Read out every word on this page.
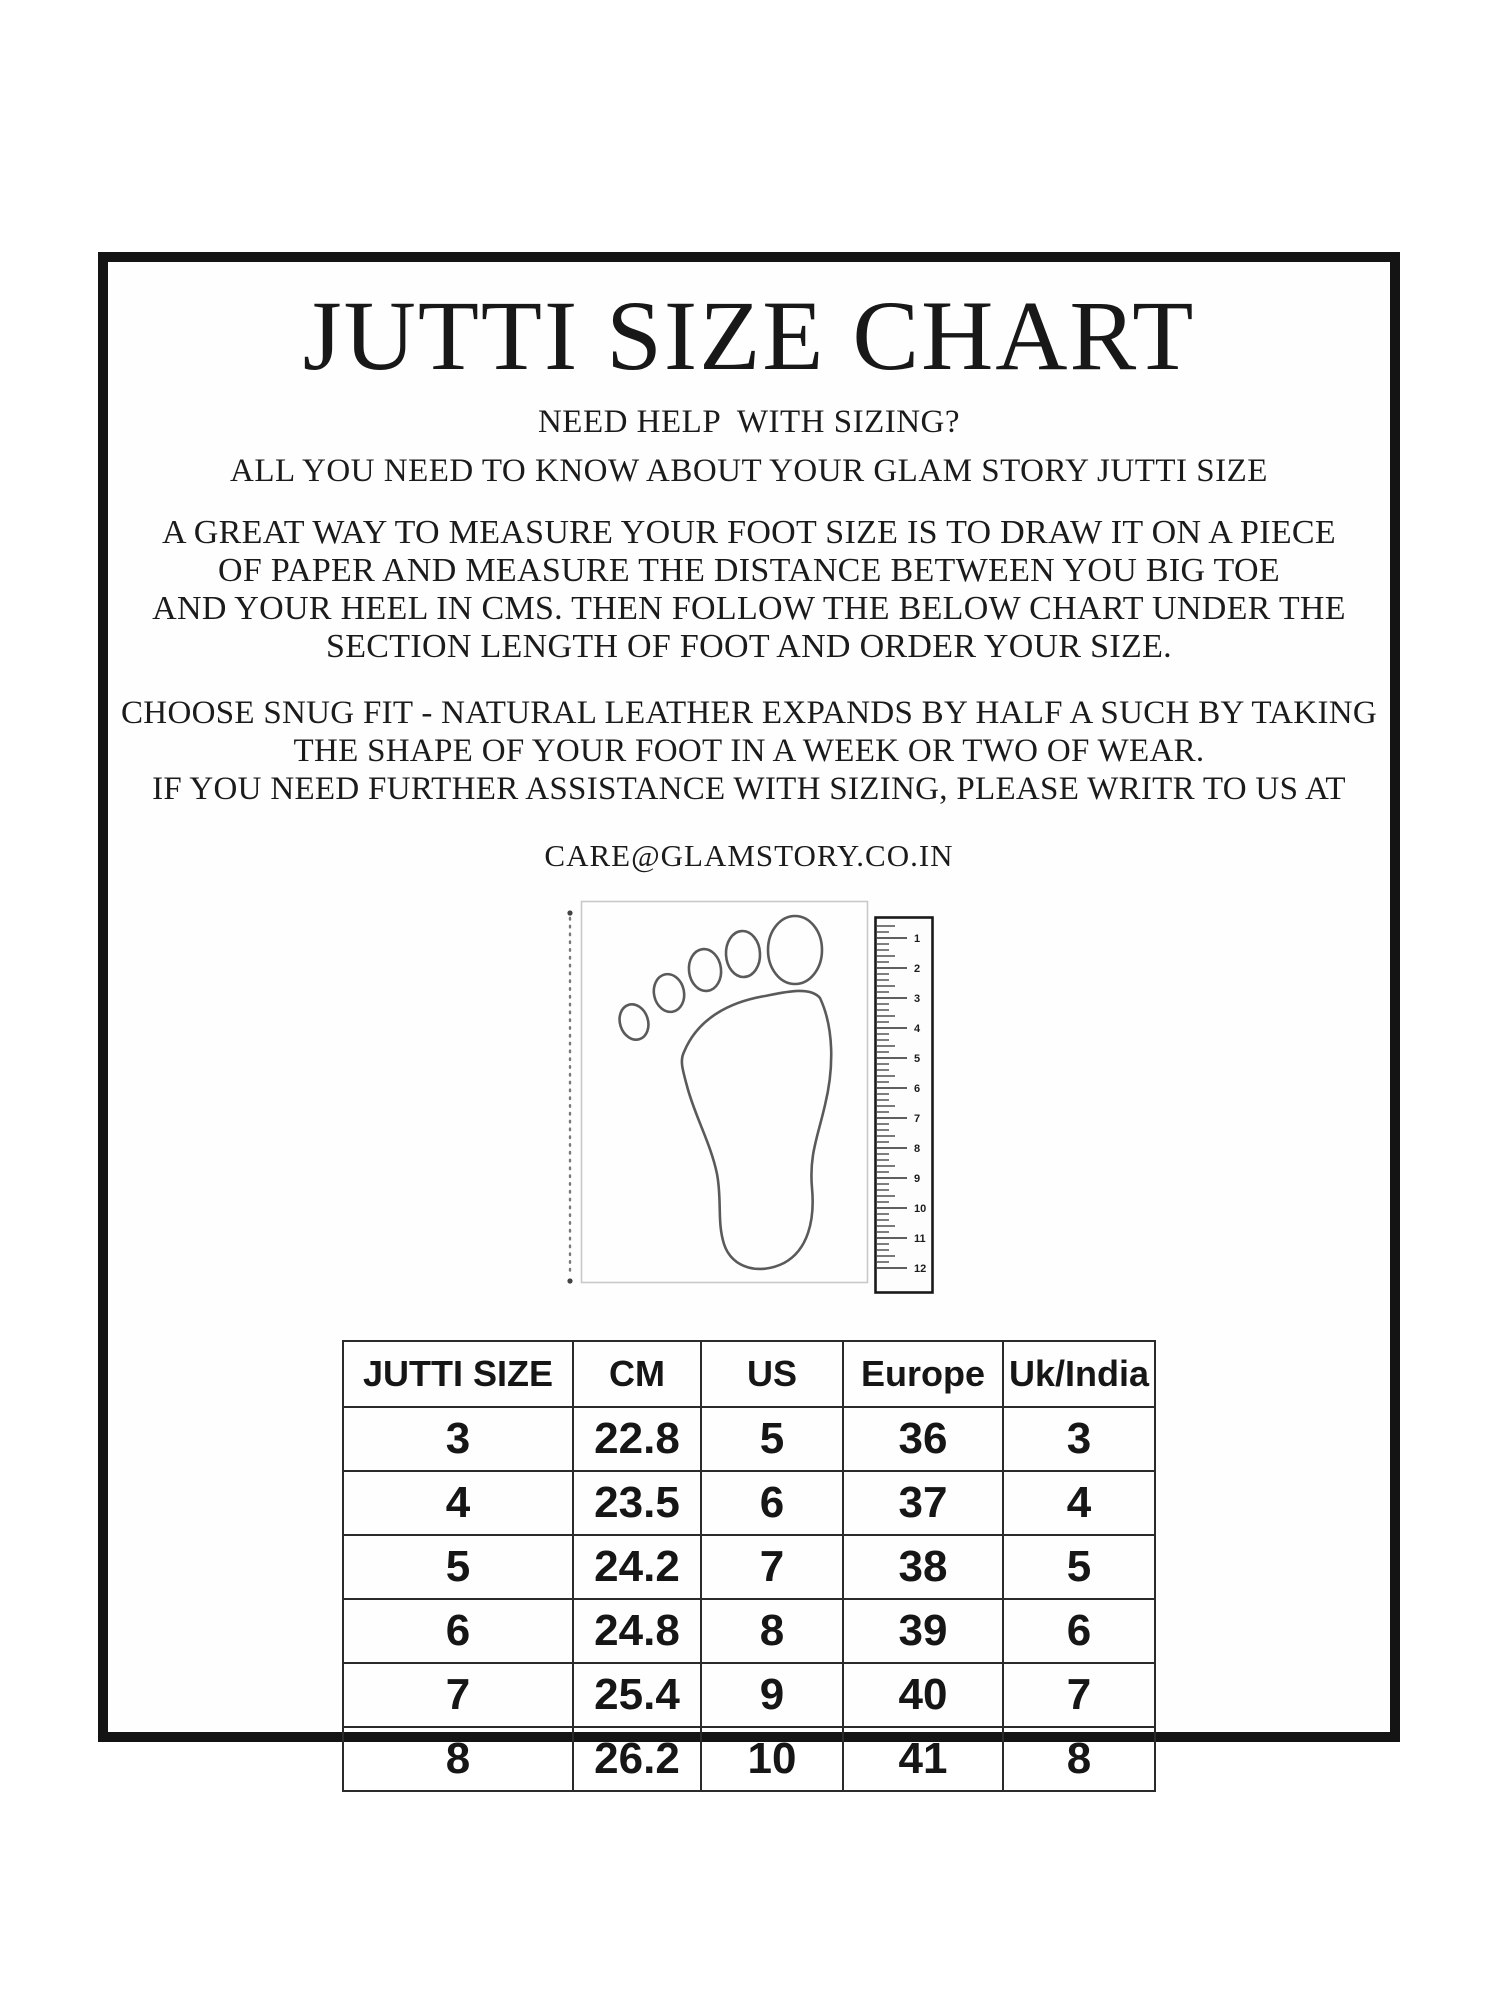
JUTTI SIZE CHART
NEED HELP  WITH SIZING?
ALL YOU NEED TO KNOW ABOUT YOUR GLAM STORY JUTTI SIZE
A GREAT WAY TO MEASURE YOUR FOOT SIZE IS TO DRAW IT ON A PIECE
OF PAPER AND MEASURE THE DISTANCE BETWEEN YOU BIG TOE
AND YOUR HEEL IN CMS. THEN FOLLOW THE BELOW CHART UNDER THE
SECTION LENGTH OF FOOT AND ORDER YOUR SIZE.
CHOOSE SNUG FIT - NATURAL LEATHER EXPANDS BY HALF A SUCH BY TAKING
THE SHAPE OF YOUR FOOT IN A WEEK OR TWO OF WEAR.
IF YOU NEED FURTHER ASSISTANCE WITH SIZING, PLEASE WRITR TO US AT
CARE@GLAMSTORY.CO.IN
1
2
3
4
5
6
7
8
9
10
11
12
JUTTI SIZE	CM	US	Europe	Uk/India
3	22.8	5	36	3
4	23.5	6	37	4
5	24.2	7	38	5
6	24.8	8	39	6
7	25.4	9	40	7
8	26.2	10	41	8
